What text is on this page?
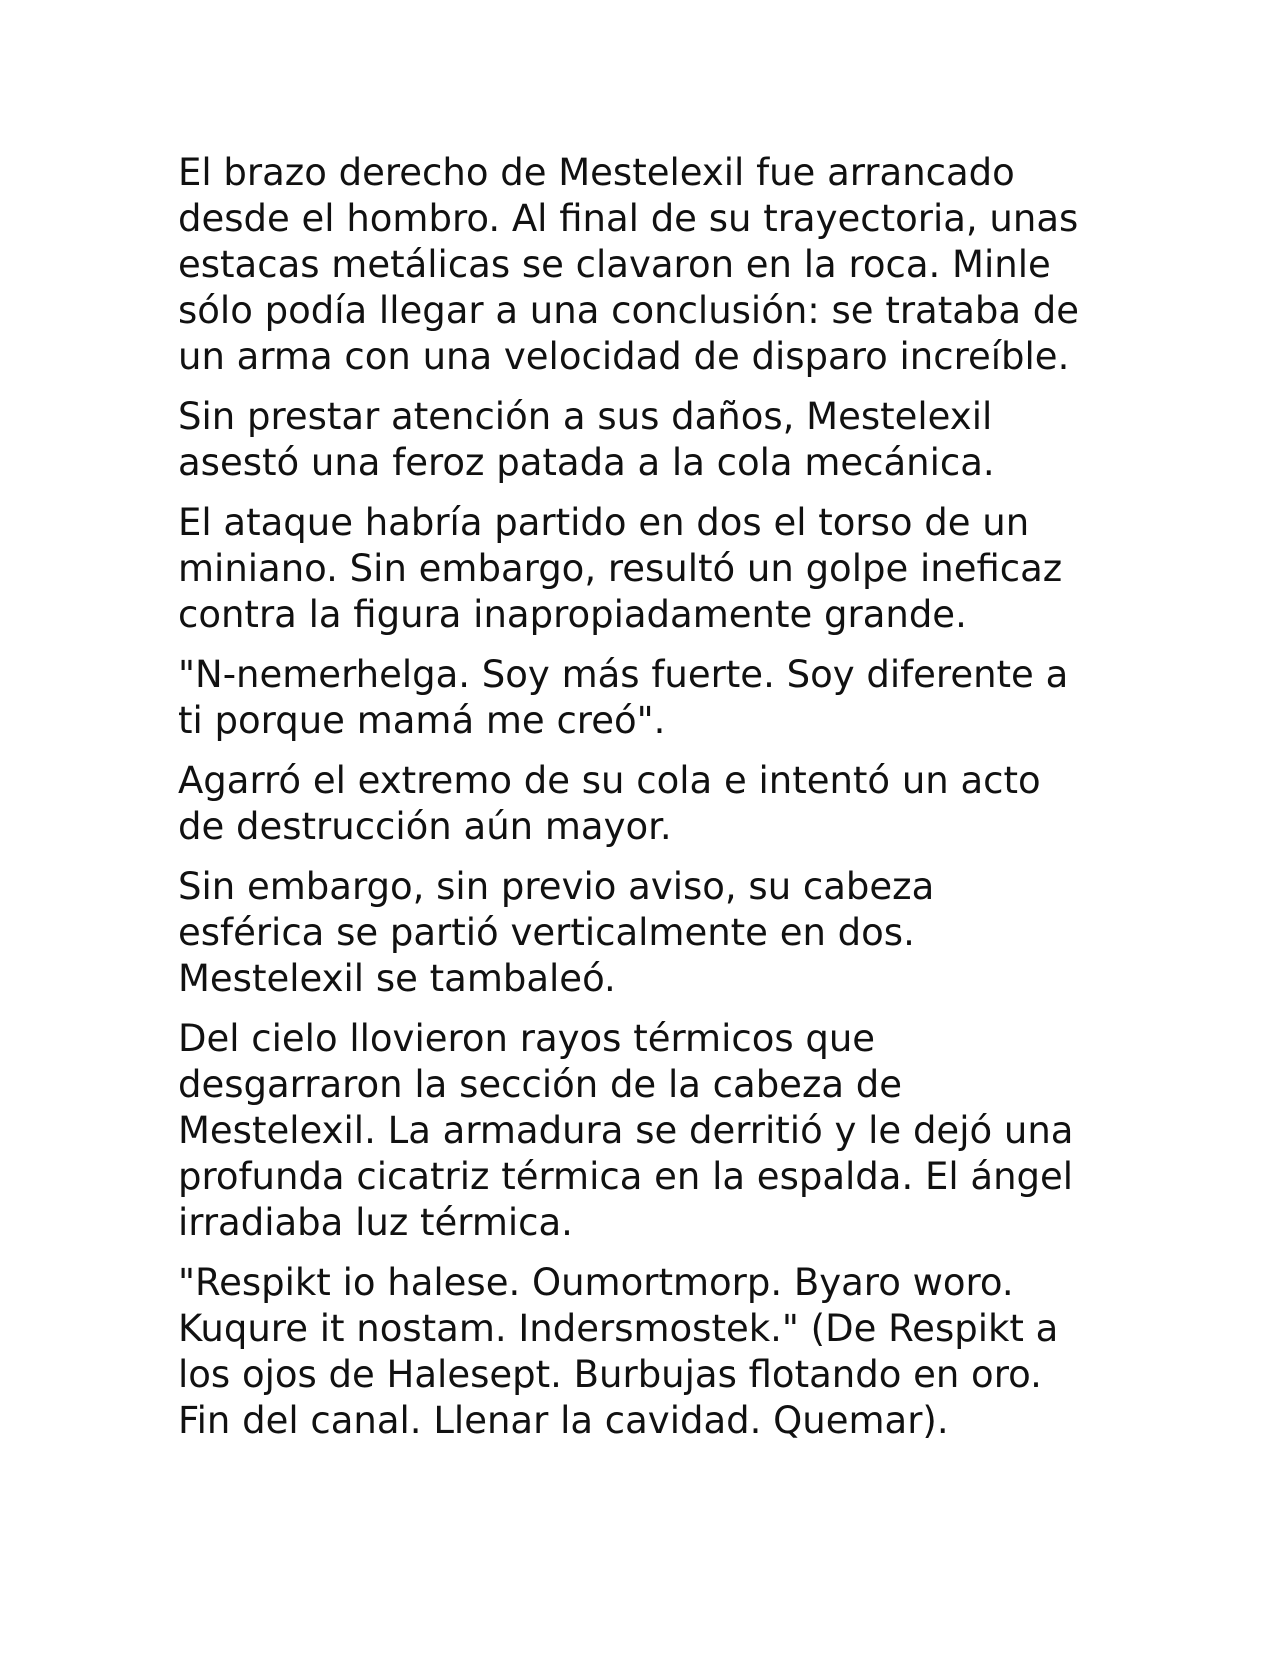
El brazo derecho de Mestelexil fue arrancado
desde el hombro. Al final de su trayectoria, unas
estacas metálicas se clavaron en la roca. Minle
sólo podía llegar a una conclusión: se trataba de
un arma con una velocidad de disparo increíble.

Sin prestar atención a sus daños, Mestelexil
asestó una feroz patada a la cola mecánica.

El ataque habría partido en dos el torso de un
miniano. Sin embargo, resultó un golpe ineficaz
contra la figura inapropiadamente grande.

"N-nemerhelga. Soy más fuerte. Soy diferente a
ti porque mamá me creó".

Agarró el extremo de su cola e intentó un acto
de destrucción aún mayor.

Sin embargo, sin previo aviso, su cabeza
esférica se partió verticalmente en dos.
Mestelexil se tambaleó.

Del cielo llovieron rayos térmicos que
desgarraron la sección de la cabeza de
Mestelexil. La armadura se derritió y le dejó una
profunda cicatriz térmica en la espalda. El ángel
irradiaba luz térmica.

"Respikt io halese. Oumortmorp. Byaro woro.
Kuqure it nostam. Indersmostek." (De Respikt a
los ojos de Halesept. Burbujas flotando en oro.
Fin del canal. Llenar la cavidad. Quemar).
